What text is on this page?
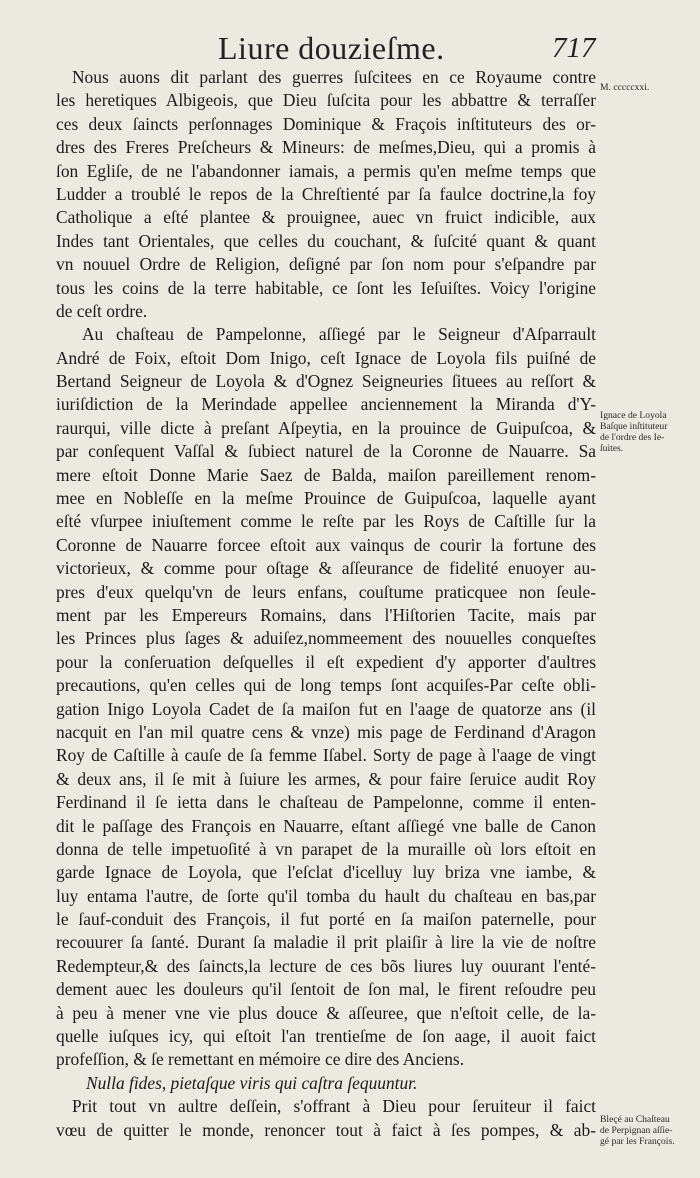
Liure douzieſme.	717
Nous auons dit parlant des guerres ſuſcitees en ce Royaume contre
les heretiques Albigeois, que Dieu ſuſcita pour les abbattre & terraſſer
ces deux ſaincts perſonnages Dominique & Fraçois inſtituteurs des or-
dres des Freres Preſcheurs & Mineurs: de meſmes,Dieu, qui a promis à
ſon Egliſe, de ne l'abandonner iamais, a permis qu'en meſme temps que
Ludder a troublé le repos de la Chreſtienté par ſa faulce doctrine,la foy
Catholique a eſté plantee & prouignee, auec vn fruict indicible, aux
Indes tant Orientales, que celles du couchant, & ſuſcité quant & quant
vn nouuel Ordre de Religion, deſigné par ſon nom pour s'eſpandre par
tous les coins de la terre habitable, ce ſont les Ieſuiſtes. Voicy l'origine
de ceſt ordre.
Au chaſteau de Pampelonne, aſſiegé par le Seigneur d'Aſparrault
André de Foix, eſtoit Dom Inigo, ceſt Ignace de Loyola fils puiſné de
Bertand Seigneur de Loyola & d'Ognez Seigneuries ſituees au reſſort &
iuriſdiction de la Merindade appellee anciennement la Miranda d'Y-
raurqui, ville dicte à preſant Aſpeytia, en la prouince de Guipuſcoa, &
par conſequent Vaſſal & ſubiect naturel de la Coronne de Nauarre. Sa
mere eſtoit Donne Marie Saez de Balda, maiſon pareillement renom-
mee en Nobleſſe en la meſme Prouince de Guipuſcoa, laquelle ayant
eſté vſurpee iniuſtement comme le reſte par les Roys de Caſtille ſur la
Coronne de Nauarre forcee eſtoit aux vainqus de courir la fortune des
victorieux, & comme pour oſtage & aſſeurance de fidelité enuoyer au-
pres d'eux quelqu'vn de leurs enfans, couſtume praticquee non ſeule-
ment par les Empereurs Romains, dans l'Hiſtorien Tacite, mais par
les Princes plus ſages & aduiſez,nommeement des nouuelles conqueſtes
pour la conſeruation deſquelles il eſt expedient d'y apporter d'aultres
precautions, qu'en celles qui de long temps ſont acquiſes-Par ceſte obli-
gation Inigo Loyola Cadet de ſa maiſon fut en l'aage de quatorze ans (il
nacquit en l'an mil quatre cens & vnze) mis page de Ferdinand d'Aragon
Roy de Caſtille à cauſe de ſa femme Iſabel. Sorty de page à l'aage de vingt
& deux ans, il ſe mit à ſuiure les armes, & pour faire ſeruice audit Roy
Ferdinand il ſe ietta dans le chaſteau de Pampelonne, comme il enten-
dit le paſſage des François en Nauarre, eſtant aſſiegé vne balle de Canon
donna de telle impetuoſité à vn parapet de la muraille où lors eſtoit en
garde Ignace de Loyola, que l'eſclat d'icelluy luy briza vne iambe, &
luy entama l'autre, de ſorte qu'il tomba du hault du chaſteau en bas,par
le ſauf-conduit des François, il fut porté en ſa maiſon paternelle, pour
recouurer ſa ſanté. Durant ſa maladie il prit plaiſir à lire la vie de noſtre
Redempteur,& des ſaincts,la lecture de ces bõs liures luy ouurant l'enté-
dement auec les douleurs qu'il ſentoit de ſon mal, le firent reſoudre peu
à peu à mener vne vie plus douce & aſſeuree, que n'eſtoit celle, de la-
quelle iuſques icy, qui eſtoit l'an trentieſme de ſon aage, il auoit faict
profeſſion, & ſe remettant en mémoire ce dire des Anciens.
Nulla fides, pietaſque viris qui caſtra ſequuntur.
Prit tout vn aultre deſſein, s'offrant à Dieu pour ſeruiteur il faict
vœu de quitter le monde, renoncer tout à faict à ſes pompes, & ab-
M. cccccxxi.
Ignace de Loyola
Baſque inſtituteur
de l'ordre des Ie-
ſuites.
Bleçé au Chaſteau
de Perpignan aſſie-
gé par les François.
